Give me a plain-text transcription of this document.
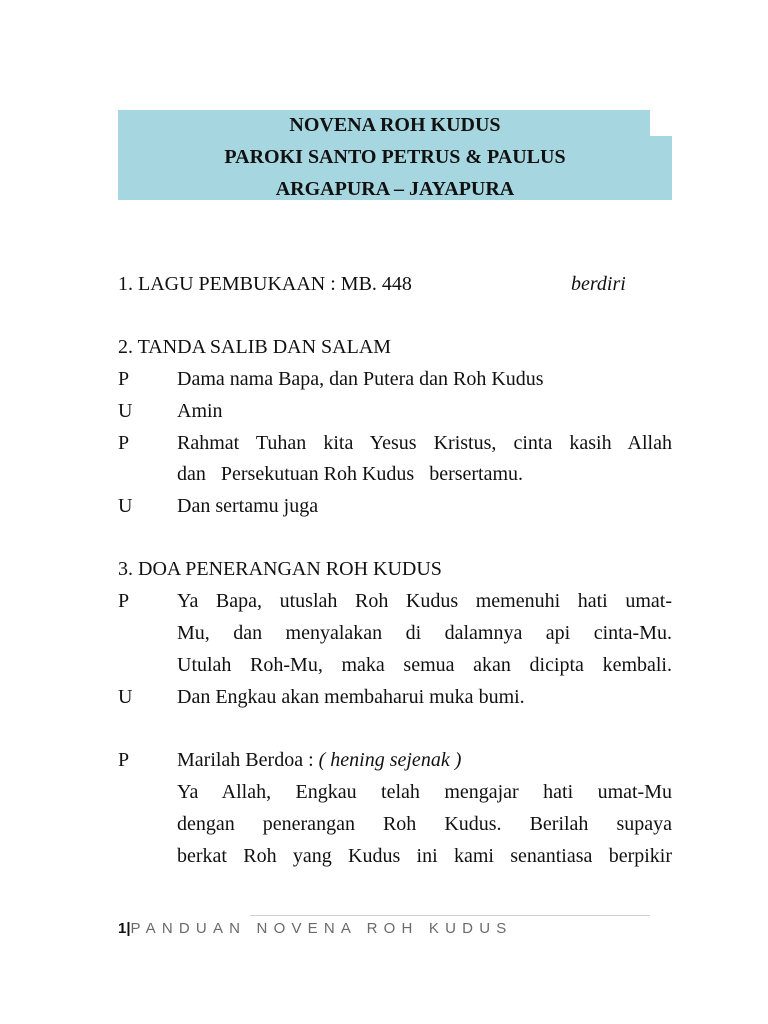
NOVENA ROH KUDUS
PAROKI SANTO PETRUS & PAULUS
ARGAPURA – JAYAPURA
1. LAGU PEMBUKAAN : MB. 448	berdiri
2. TANDA SALIB DAN SALAM
P Dama nama Bapa, dan Putera dan Roh Kudus
U Amin
P Rahmat Tuhan kita Yesus Kristus, cinta kasih Allah
dan   Persekutuan Roh Kudus   bersertamu.
U Dan sertamu juga
3. DOA PENERANGAN ROH KUDUS
P Ya Bapa, utuslah Roh Kudus memenuhi hati umat-
Mu, dan menyalakan di dalamnya api cinta-Mu.
Utulah Roh-Mu, maka semua akan dicipta kembali.
U Dan Engkau akan membaharui muka bumi.
P Marilah Berdoa : ( hening sejenak )
Ya Allah, Engkau telah mengajar hati umat-Mu
dengan penerangan Roh Kudus. Berilah supaya
berkat Roh yang Kudus ini kami senantiasa berpikir
1|PANDUAN NOVENA ROH KUDUS
